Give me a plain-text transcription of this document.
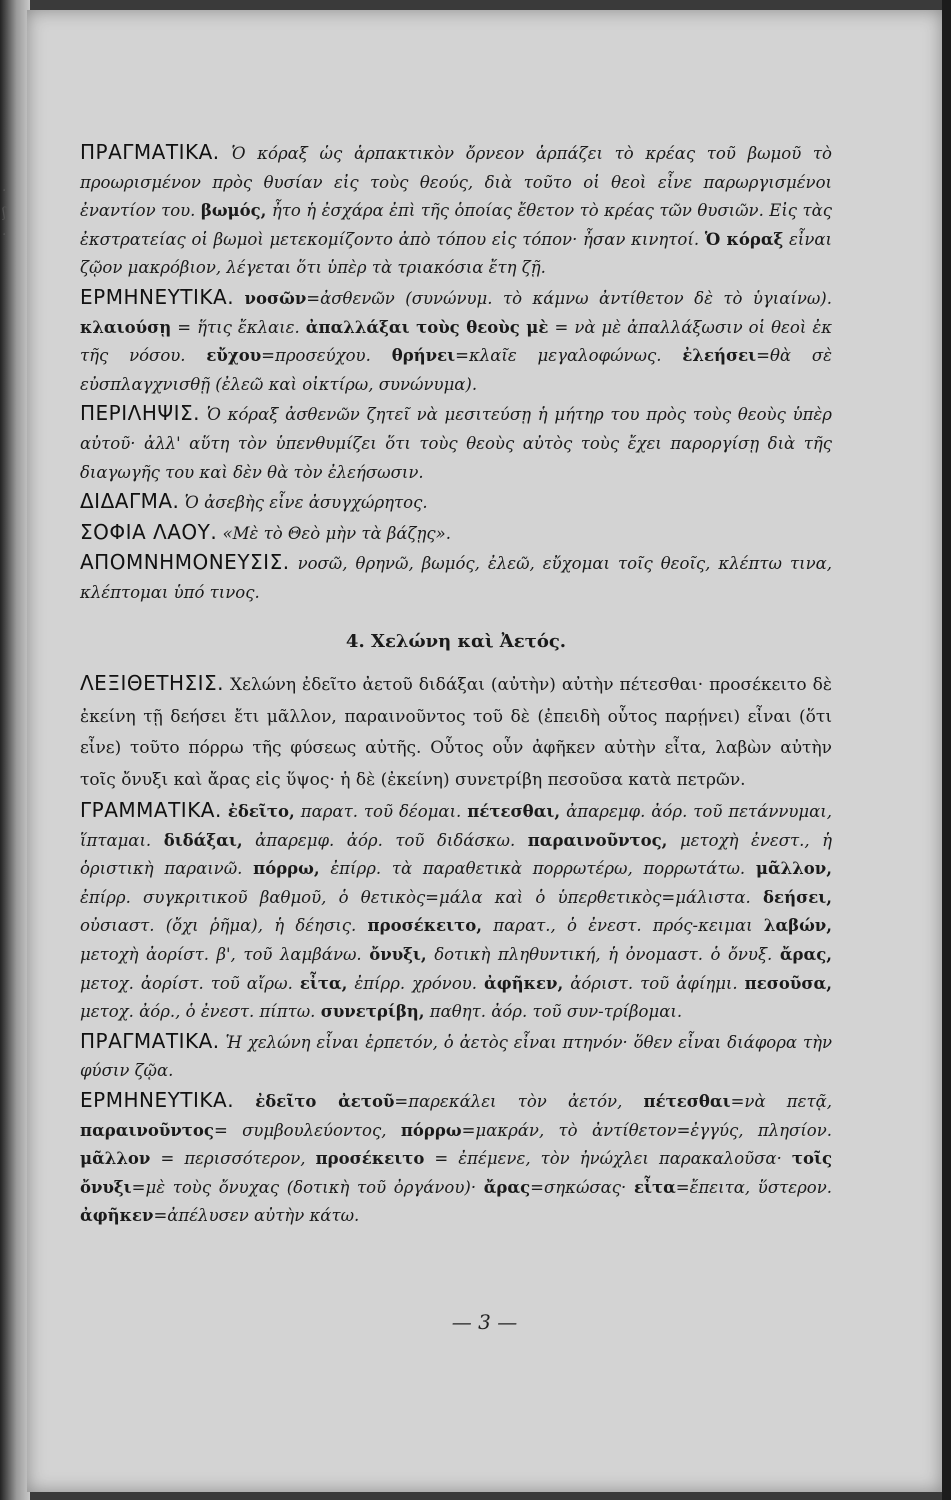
·
ʃ
·

ΠΡΑΓΜΑΤΙΚΑ. Ὁ κόραξ ὡς ἁρπακτικὸν ὄρνεον ἁρπάζει τὸ κρέας τοῦ βωμοῦ τὸ προωρισμένον πρὸς θυσίαν εἰς τοὺς θεούς, διὰ τοῦτο οἱ θεοὶ εἶνε παρωργισμένοι ἐναντίον του. βωμός, ἦτο ἡ ἐσχάρα ἐπὶ τῆς ὁποίας ἔθετον τὸ κρέας τῶν θυσιῶν. Εἰς τὰς ἐκστρατείας οἱ βωμοὶ μετεκομίζοντο ἀπὸ τόπου εἰς τόπον· ἦσαν κινητοί. Ὁ κόραξ εἶναι ζῷον μακρόβιον, λέγεται ὅτι ὑπὲρ τὰ τριακόσια ἔτη ζῇ.

ΕΡΜΗΝΕΥΤΙΚΑ. νοσῶν=ἀσθενῶν (συνώνυμ. τὸ κάμνω ἀντίθετον δὲ τὸ ὑγιαίνω). κλαιούσῃ = ἥτις ἔκλαιε. ἀπαλλάξαι τοὺς θεοὺς μὲ = νὰ μὲ ἀπαλλάξωσιν οἱ θεοὶ ἐκ τῆς νόσου. εὔχου=προσεύχου. θρήνει=κλαῖε μεγαλοφώνως. ἐλεήσει=θὰ σὲ εὐσπλαγχνισθῇ (ἐλεῶ καὶ οἰκτίρω, συνώνυμα).

ΠΕΡΙΛΗΨΙΣ. Ὁ κόραξ ἀσθενῶν ζητεῖ νὰ μεσιτεύσῃ ἡ μήτηρ του πρὸς τοὺς θεοὺς ὑπὲρ αὐτοῦ· ἀλλ' αὕτη τὸν ὑπενθυμίζει ὅτι τοὺς θεοὺς αὐτὸς τοὺς ἔχει παροργίσῃ διὰ τῆς διαγωγῆς του καὶ δὲν θὰ τὸν ἐλεήσωσιν.

ΔΙΔΑΓΜΑ. Ὁ ἀσεβὴς εἶνε ἀσυγχώρητος.

ΣΟΦΙΑ ΛΑΟΥ. «Μὲ τὸ Θεὸ μὴν τὰ βάζῃς».

ΑΠΟΜΝΗΜΟΝΕΥΣΙΣ. νοσῶ, θρηνῶ, βωμός, ἐλεῶ, εὔχομαι τοῖς θεοῖς, κλέπτω τινα, κλέπτομαι ὑπό τινος.

4. Χελώνη καὶ Ἀετός.

ΛΕΞΙΘΕΤΗΣΙΣ. Χελώνη ἐδεῖτο ἀετοῦ διδάξαι (αὐτὴν) αὐτὴν πέτεσθαι· προσέκειτο δὲ ἐκείνη τῇ δεήσει ἔτι μᾶλλον, παραινοῦντος τοῦ δὲ (ἐπειδὴ οὗτος παρῄνει) εἶναι (ὅτι εἶνε) τοῦτο πόρρω τῆς φύσεως αὐτῆς. Οὗτος οὖν ἀφῆκεν αὐτὴν εἶτα, λαβὼν αὐτὴν τοῖς ὄνυξι καὶ ἄρας εἰς ὕψος· ἡ δὲ (ἐκείνη) συνετρίβη πεσοῦσα κατὰ πετρῶν.

ΓΡΑΜΜΑΤΙΚΑ. ἐδεῖτο, παρατ. τοῦ δέομαι. πέτεσθαι, ἀπαρεμφ. ἀόρ. τοῦ πετάννυμαι, ἵπταμαι. διδάξαι, ἀπαρεμφ. ἀόρ. τοῦ διδάσκω. παραινοῦντος, μετοχὴ ἐνεστ., ἡ ὁριστικὴ παραινῶ. πόρρω, ἐπίρρ. τὰ παραθετικὰ πορρωτέρω, πορρωτάτω. μᾶλλον, ἐπίρρ. συγκριτικοῦ βαθμοῦ, ὁ θετικὸς=μάλα καὶ ὁ ὑπερθετικὸς=μάλιστα. δεήσει, οὐσιαστ. (ὄχι ῥῆμα), ἡ δέησις. προσέκειτο, παρατ., ὁ ἐνεστ. πρός-κειμαι λαβών, μετοχὴ ἀορίστ. β', τοῦ λαμβάνω. ὄνυξι, δοτικὴ πληθυντική, ἡ ὀνομαστ. ὁ ὄνυξ. ἄρας, μετοχ. ἀορίστ. τοῦ αἴρω. εἶτα, ἐπίρρ. χρόνου. ἀφῆκεν, ἀόριστ. τοῦ ἀφίημι. πεσοῦσα, μετοχ. ἀόρ., ὁ ἐνεστ. πίπτω. συνετρίβη, παθητ. ἀόρ. τοῦ συν-τρίβομαι.

ΠΡΑΓΜΑΤΙΚΑ. Ἡ χελώνη εἶναι ἑρπετόν, ὁ ἀετὸς εἶναι πτηνόν· ὅθεν εἶναι διάφορα τὴν φύσιν ζῷα.

ΕΡΜΗΝΕΥΤΙΚΑ. ἐδεῖτο ἀετοῦ=παρεκάλει τὸν ἀετόν, πέτεσθαι=νὰ πετᾷ, παραινοῦντος= συμβουλεύοντος, πόρρω=μακράν, τὸ ἀντίθετον=ἐγγύς, πλησίον. μᾶλλον = περισσότερον, προσέκειτο = ἐπέμενε, τὸν ἠνώχλει παρακαλοῦσα· τοῖς ὄνυξι=μὲ τοὺς ὄνυχας (δοτικὴ τοῦ ὀργάνου)· ἄρας=σηκώσας· εἶτα=ἔπειτα, ὕστερον. ἀφῆκεν=ἀπέλυσεν αὐτὴν κάτω.

— 3 —
